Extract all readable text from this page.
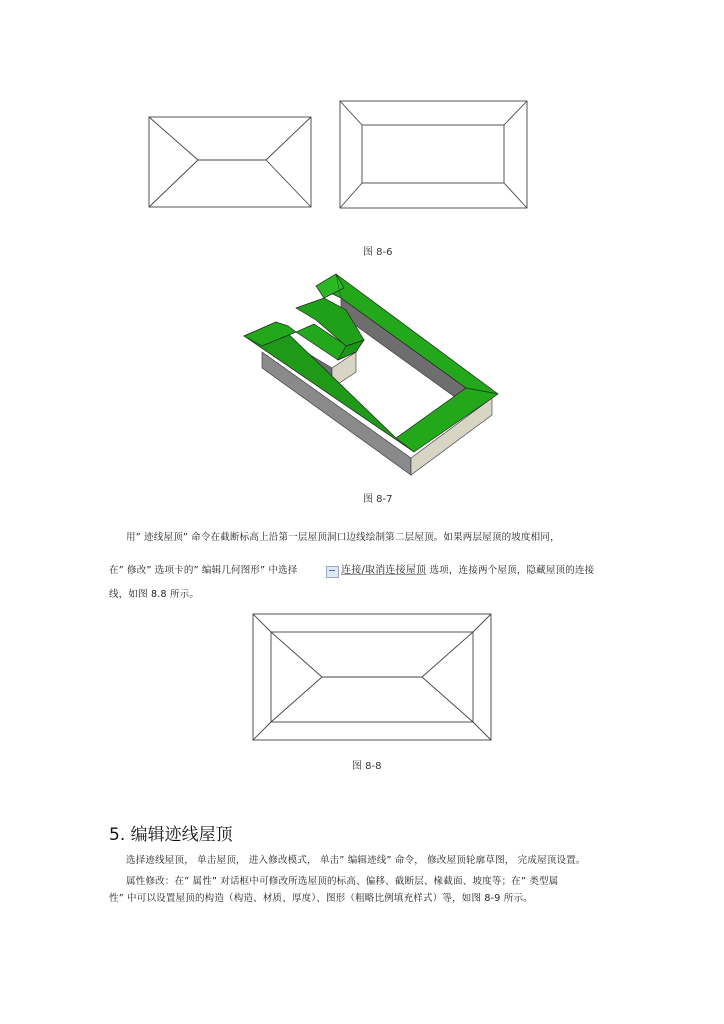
图 8-6
图 8-7
用” 迹线屋顶” 命令在截断标高上沿第一层屋顶洞口边线绘制第二层屋顶。如果两层屋顶的坡度相同，
在” 修改” 选项卡的” 编辑几何图形” 中选择	连接/取消连接屋顶 选项，连接两个屋顶，隐藏屋顶的连接
线，如图 8.8 所示。
图 8-8
5. 编辑迹线屋顶
选择迹线屋顶， 单击屋顶， 进入修改模式， 单击” 编辑迹线” 命令， 修改屋顶轮廓草图， 完成屋顶设置。
属性修改：在” 属性” 对话框中可修改所选屋顶的标高、偏移、截断层、椽截面、坡度等；在” 类型属
性” 中可以设置屋顶的构造（构造、材质、厚度）、图形（粗略比例填充样式）等，如图 8-9 所示。
